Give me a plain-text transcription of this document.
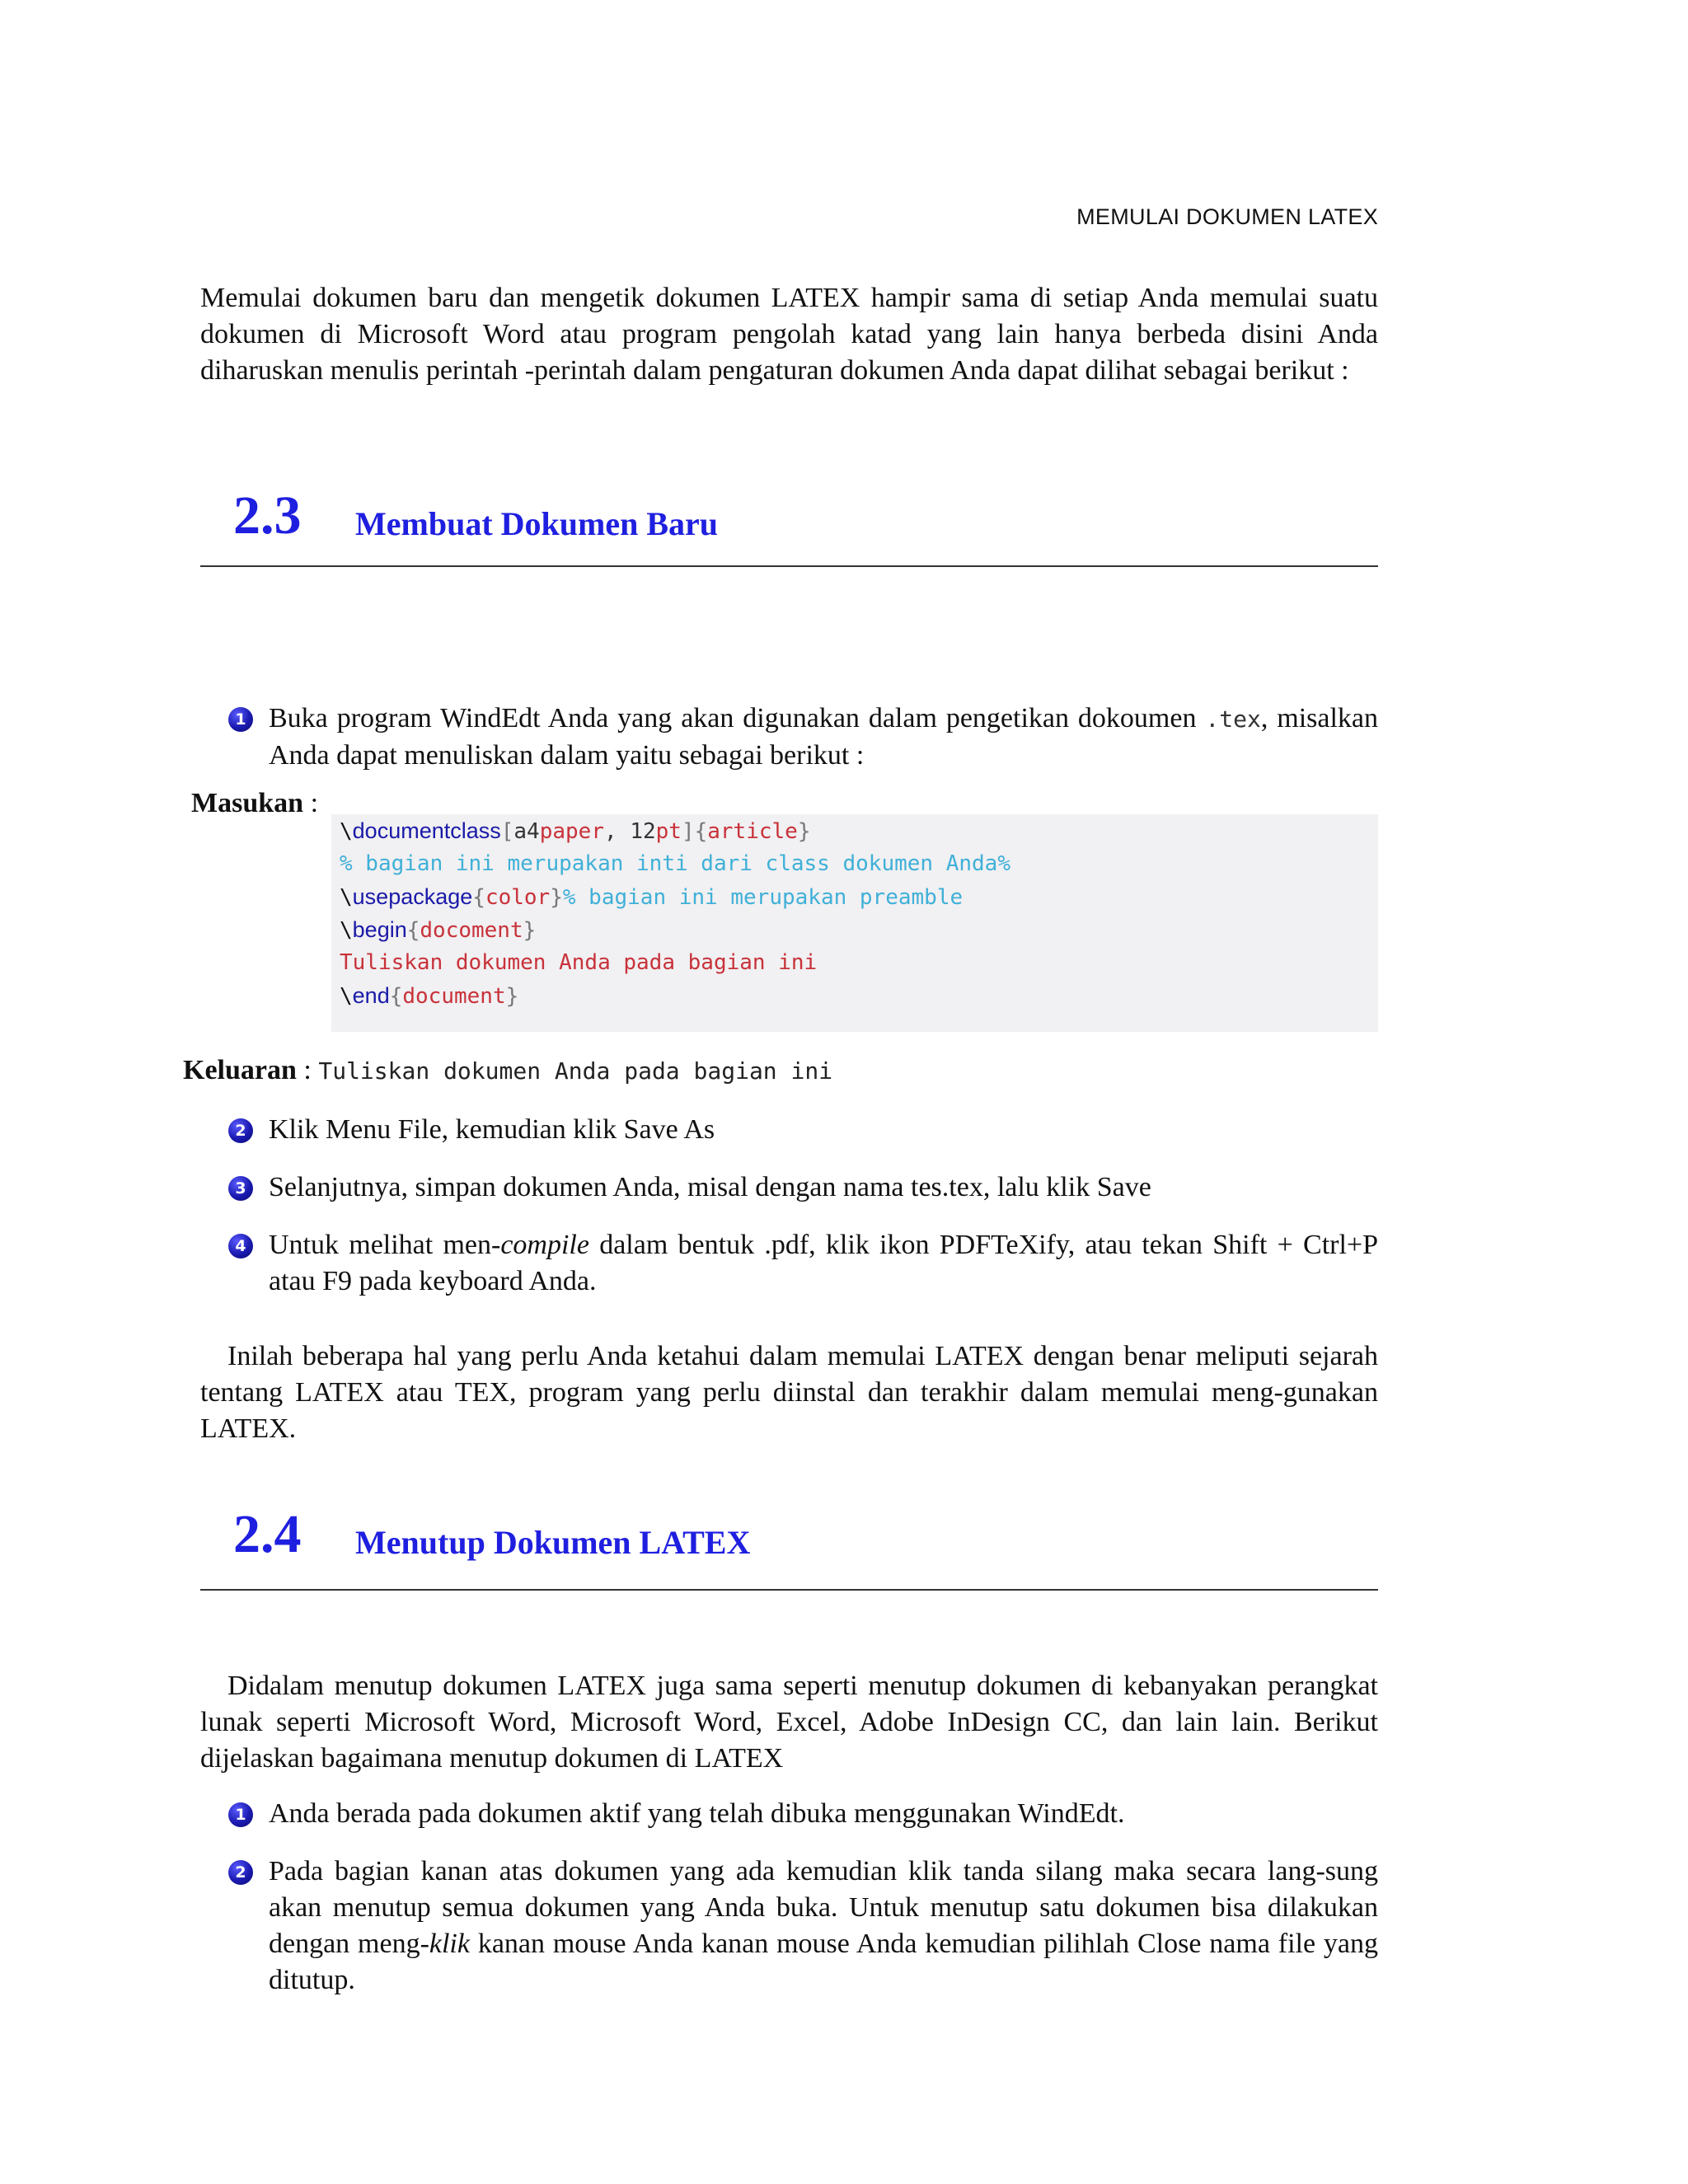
MEMULAI DOKUMEN LATEX
Memulai dokumen baru dan mengetik dokumen LATEX hampir sama di setiap Anda memulai suatu dokumen di Microsoft Word atau program pengolah katad yang lain hanya berbeda disini Anda diharuskan menulis perintah -perintah dalam pengaturan dokumen Anda dapat dilihat sebagai berikut :
2.3 Membuat Dokumen Baru
1 Buka program WindEdt Anda yang akan digunakan dalam pengetikan dokoumen .tex, misalkan Anda dapat menuliskan dalam yaitu sebagai berikut :
Masukan :
\documentclass[a4paper, 12pt]{article}
% bagian ini merupakan inti dari class dokumen Anda%
\usepackage{color}% bagian ini merupakan preamble
\begin{docoment}
Tuliskan dokumen Anda pada bagian ini
\end{document}
Keluaran : Tuliskan dokumen Anda pada bagian ini
2 Klik Menu File, kemudian klik Save As
3 Selanjutnya, simpan dokumen Anda, misal dengan nama tes.tex, lalu klik Save
4 Untuk melihat men-compile dalam bentuk .pdf, klik ikon PDFTeXify, atau tekan Shift + Ctrl+P atau F9 pada keyboard Anda.
Inilah beberapa hal yang perlu Anda ketahui dalam memulai LATEX dengan benar meliputi sejarah tentang LATEX atau TEX, program yang perlu diinstal dan terakhir dalam memulai meng-gunakan LATEX.
2.4 Menutup Dokumen LATEX
Didalam menutup dokumen LATEX juga sama seperti menutup dokumen di kebanyakan perangkat lunak seperti Microsoft Word, Microsoft Word, Excel, Adobe InDesign CC, dan lain lain. Berikut dijelaskan bagaimana menutup dokumen di LATEX
1 Anda berada pada dokumen aktif yang telah dibuka menggunakan WindEdt.
2 Pada bagian kanan atas dokumen yang ada kemudian klik tanda silang maka secara lang-sung akan menutup semua dokumen yang Anda buka. Untuk menutup satu dokumen bisa dilakukan dengan meng-klik kanan mouse Anda kanan mouse Anda kemudian pilihlah Close nama file yang ditutup.
